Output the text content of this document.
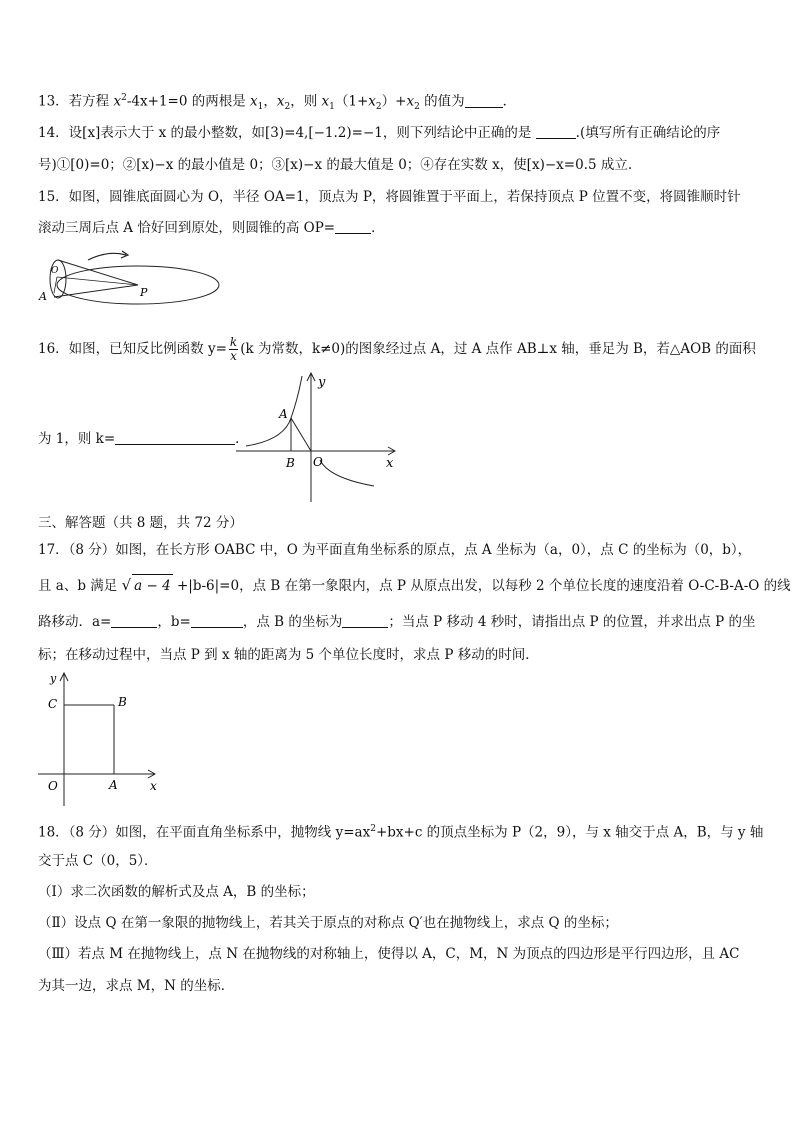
13．若方程 $x^2-4x+1=0$ 的两根是 $x_1$，$x_2$，则 $x_1(1+x_2)+x_2$ 的值为	．
14．设[x]表示大于 x 的最小整数，如[3)=4,[−1.2)=−1，则下列结论中正确的是	.(填写所有正确结论的序
号)①[0)=0；②[x)−x 的最小值是 0；③[x)−x 的最大值是 0；④存在实数 x，使[x)−x=0.5 成立.
15．如图，圆锥底面圆心为 O，半径 OA=1，顶点为 P，将圆锥置于平面上，若保持顶点 P 位置不变，将圆锥顺时针
滚动三周后点 A 恰好回到原处，则圆锥的高 OP=	．
O
A	P
16．如图，已知反比例函数 $y= \frac{k}{x} (k$ 为常数，k≠0)的图象经过点 A，过 A 点作 AB⊥x 轴，垂足为 B，若△AOB 的面积
为 1，则 k=	．
y
A
B O	x
三、解答题（共 8 题，共 72 分）
17．（8 分）如图，在长方形 OABC 中，O 为平面直角坐标系的原点，点 A 坐标为（a，0），点 C 的坐标为（0，b），
且 a、b 满足 √ a − 4 +|b-6|=0，点 B 在第一象限内，点 P 从原点出发，以每秒 2 个单位长度的速度沿着 O-C-B-A-O 的线
路移动．a=	，b=	，点 B 的坐标为	；当点 P 移动 4 秒时，请指出点 P 的位置，并求出点 P 的坐
标；在移动过程中，当点 P 到 x 轴的距离为 5 个单位长度时，求点 P 移动的时间．
y
C	B
O	A	x
18．（8 分）如图，在平面直角坐标系中，抛物线 $y=ax^2+bx+c$ 的顶点坐标为 P（2，9），与 x 轴交于点 A，B，与 y 轴
交于点 C（0，5）．
（Ⅰ）求二次函数的解析式及点 A，B 的坐标；
（Ⅱ）设点 Q 在第一象限的抛物线上，若其关于原点的对称点 Q′也在抛物线上，求点 Q 的坐标；
（Ⅲ）若点 M 在抛物线上，点 N 在抛物线的对称轴上，使得以 A，C，M，N 为顶点的四边形是平行四边形，且 AC
为其一边，求点 M，N 的坐标．
